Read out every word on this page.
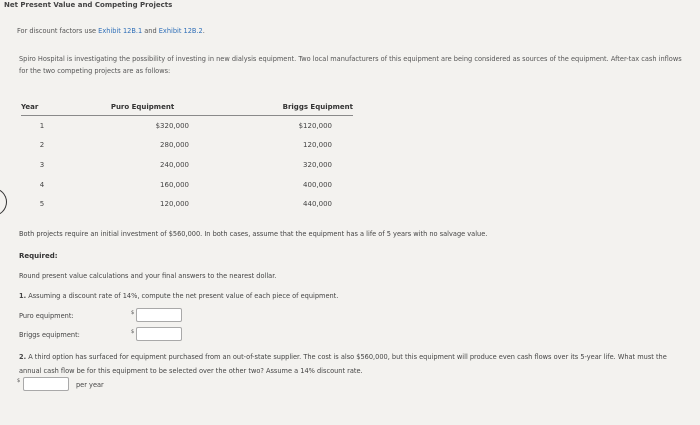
Net Present Value and Competing Projects
For discount factors use Exhibit 12B.1 and Exhibit 12B.2.
Spiro Hospital is investigating the possibility of investing in new dialysis equipment. Two local manufacturers of this equipment are being considered as sources of the equipment. After-tax cash inflows for the two competing projects are as follows:
Year	Puro Equipment	Briggs Equipment
1	$320,000	$120,000
2	280,000	120,000
3	240,000	320,000
4	160,000	400,000
5	120,000	440,000
Both projects require an initial investment of $560,000. In both cases, assume that the equipment has a life of 5 years with no salvage value.
Required:
Round present value calculations and your final answers to the nearest dollar.
1. Assuming a discount rate of 14%, compute the net present value of each piece of equipment.
Puro equipment:	$
Briggs equipment:	$
2. A third option has surfaced for equipment purchased from an out-of-state supplier. The cost is also $560,000, but this equipment will produce even cash flows over its 5-year life. What must the annual cash flow be for this equipment to be selected over the other two? Assume a 14% discount rate.
$	per year
